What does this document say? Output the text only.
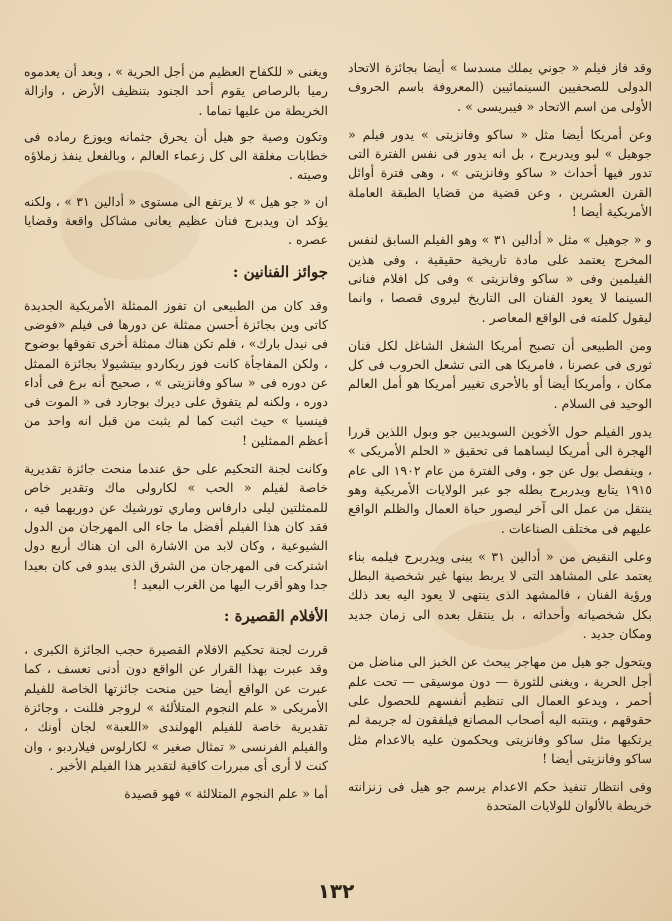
وقد فاز فيلم « جوني يملك مسدسا » أيضا بجائزة الاتحاد الدولى للصحفيين السينمائيين (المعروفة باسم الحروف الأولى من اسم الاتحاد « فيبريسى » .

وعن أمريكا أيضا مثل « ساكو وفانزيتى » يدور فيلم « جوهيل » لبو ويدربرج ، بل انه يدور فى نفس الفترة التى تدور فيها أحداث « ساكو وفانزيتى » ، وهى فترة أوائل القرن العشرين ، وعن قضية من قضايا الطبقة العاملة الأمريكية أيضا !

و « جوهيل » مثل « أدالين ٣١ » وهو الفيلم السابق لنفس المخرج يعتمد على مادة تاريخية حقيقية ، وفى هذين الفيلمين وفى « ساكو وفانزيتى » وفى كل افلام فنانى السينما لا يعود الفنان الى التاريخ ليروى قصصا ، وانما ليقول كلمته فى الواقع المعاصر .

ومن الطبيعى أن تصبح أمريكا الشغل الشاغل لكل فنان ثورى فى عصرنا ، فامريكا هى التى تشعل الحروب فى كل مكان ، وأمريكا أيضا أو بالأحرى تغيير أمريكا هو أمل العالم الوحيد فى السلام .

يدور الفيلم حول الأخوين السويديين جو وبول اللذين قررا الهجرة الى أمريكا ليساهما فى تحقيق « الحلم الأمريكى » ، وينفصل بول عن جو ، وفى الفترة من عام ١٩٠٢ الى عام ١٩١٥ يتابع ويدربرج بطله جو عبر الولايات الأمريكية وهو ينتقل من عمل الى آخر ليصور حياة العمال والظلم الواقع عليهم فى مختلف الصناعات .

وعلى النقيض من « أدالين ٣١ » يبنى ويدربرج فيلمه بناء يعتمد على المشاهد التى لا يربط بينها غير شخصية البطل ورؤية الفنان ، فالمشهد الذى ينتهى لا يعود اليه بعد ذلك بكل شخصياته وأحداثه ، بل ينتقل بعده الى زمان جديد ومكان جديد .

ويتحول جو هيل من مهاجر يبحث عن الخبز الى مناضل من أجل الحرية ، ويغنى للثورة — دون موسيقى — تحت علم أحمر ، ويدعو العمال الى تنظيم أنفسهم للحصول على حقوقهم ، وينتبه اليه أصحاب المصانع فيلفقون له جريمة لم يرتكبها مثل ساكو وفانزيتى ويحكمون عليه بالاعدام مثل ساكو وفانزيتى أيضا !

وفى انتظار تنفيذ حكم الاعدام يرسم جو هيل فى زنزانته خريطة بالألوان للولايات المتحدة

ويغنى « للكفاح العظيم من أجل الحرية » ، وبعد أن يعدموه رميا بالرصاص يقوم أحد الجنود بتنظيف الأرض ، وازالة الخريطة من عليها تماما .

وتكون وصية جو هيل أن يحرق جثمانه ويوزع رماده فى خطابات مغلقة الى كل زعماء العالم ، وبالفعل ينفذ زملاؤه وصيته .

ان « جو هيل » لا يرتفع الى مستوى « أدالين ٣١ » ، ولكنه يؤكد ان ويدبرج فنان عظيم يعانى مشاكل واقعة وقضايا عصره .

جوائز الفنانين :

وقد كان من الطبيعى ان تفوز الممثلة الأمريكية الجديدة كاتى وين بجائزة أحسن ممثلة عن دورها فى فيلم «فوضى فى نيدل بارك» ، فلم تكن هناك ممثلة أخرى تفوقها بوضوح ، ولكن المفاجأة كانت فوز ريكاردو بيتشيولا بجائزة الممثل عن دوره فى « ساكو وفانزيتى » ، صحيح أنه برع فى أداء دوره ، ولكنه لم يتفوق على ديرك بوجارد فى « الموت فى فينسيا » حيث اثبت كما لم يثبت من قبل انه واحد من أعظم الممثلين !

وكانت لجنة التحكيم على حق عندما منحت جائزة تقديرية خاصة لفيلم « الحب » لكارولى ماك وتقدير خاص للممثلتين ليلى دارفاس وماري تورشيك عن دوريهما فيه ، فقد كان هذا الفيلم أفضل ما جاء الى المهرجان من الدول الشيوعية ، وكان لابد من الاشارة الى ان هناك أربع دول اشتركت فى المهرجان من الشرق الذى يبدو فى كان بعيدا جدا وهو أقرب اليها من الغرب البعيد !

الأفلام القصيرة :

قررت لجنة تحكيم الافلام القصيرة حجب الجائزة الكبرى ، وقد عبرت بهذا القرار عن الواقع دون أدنى تعسف ، كما عبرت عن الواقع أيضا حين منحت جائزتها الخاصة للفيلم الأمريكى « علم النجوم المتلألئة » لروجر فللنت ، وجائزة تقديرية خاصة للفيلم الهولندى «اللعبة» لجان أونك ، والفيلم الفرنسى « تمثال صغير » لكارلوس فيلاردبو ، وان كنت لا أرى أى مبررات كافية لتقدير هذا الفيلم الأخير .

أما « علم النجوم المتلالئة » فهو قصيدة

١٣٢
